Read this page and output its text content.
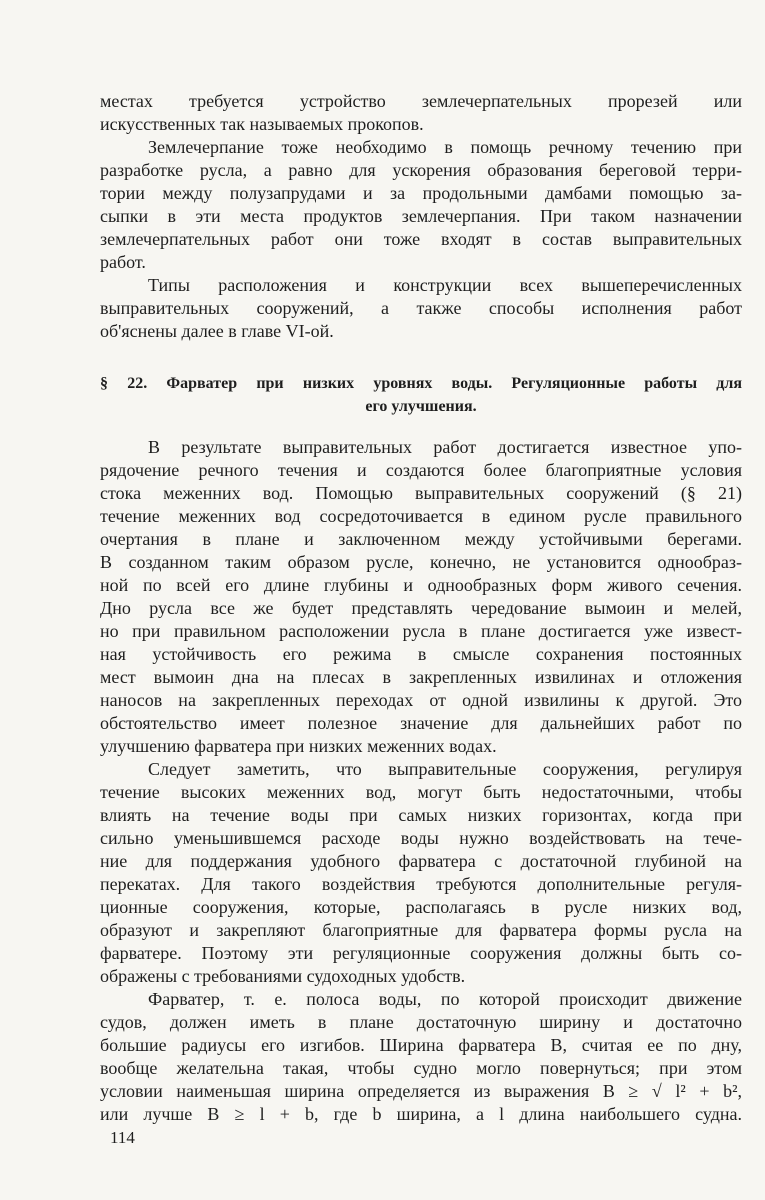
местах требуется устройство землечерпательных прорезей или
искусственных так называемых прокопов.
Землечерпание тоже необходимо в помощь речному течению при
разработке русла, а равно для ускорения образования береговой терри-
тории между полузапрудами и за продольными дамбами помощью за-
сыпки в эти места продуктов землечерпания. При таком назначении
землечерпательных работ они тоже входят в состав выправительных
работ.
Типы расположения и конструкции всех вышеперечисленных
выправительных сооружений, а также способы исполнения работ
об'яснены далее в главе VI-ой.
§ 22. Фарватер при низких уровнях воды. Регуляционные работы для
его улучшения.
В результате выправительных работ достигается известное упо-
рядочение речного течения и создаются более благоприятные условия
стока меженних вод. Помощью выправительных сооружений (§ 21)
течение меженних вод сосредоточивается в едином русле правильного
очертания в плане и заключенном между устойчивыми берегами.
В созданном таким образом русле, конечно, не установится однообраз-
ной по всей его длине глубины и однообразных форм живого сечения.
Дно русла все же будет представлять чередование вымоин и мелей,
но при правильном расположении русла в плане достигается уже извест-
ная устойчивость его режима в смысле сохранения постоянных
мест вымоин дна на плесах в закрепленных извилинах и отложения
наносов на закрепленных переходах от одной извилины к другой. Это
обстоятельство имеет полезное значение для дальнейших работ по
улучшению фарватера при низких меженних водах.
Следует заметить, что выправительные сооружения, регулируя
течение высоких меженних вод, могут быть недостаточными, чтобы
влиять на течение воды при самых низких горизонтах, когда при
сильно уменьшившемся расходе воды нужно воздействовать на тече-
ние для поддержания удобного фарватера с достаточной глубиной на
перекатах. Для такого воздействия требуются дополнительные регуля-
ционные сооружения, которые, располагаясь в русле низких вод,
образуют и закрепляют благоприятные для фарватера формы русла на
фарватере. Поэтому эти регуляционные сооружения должны быть со-
ображены с требованиями судоходных удобств.
Фарватер, т. е. полоса воды, по которой происходит движение
судов, должен иметь в плане достаточную ширину и достаточно
большие радиусы его изгибов. Ширина фарватера B, считая ее по дну,
вообще желательна такая, чтобы судно могло повернуться; при этом
условии наименьшая ширина определяется из выражения B ≥ √ l² + b²,
или лучше B ≥ l + b, где b ширина, а l длина наибольшего судна.
114
